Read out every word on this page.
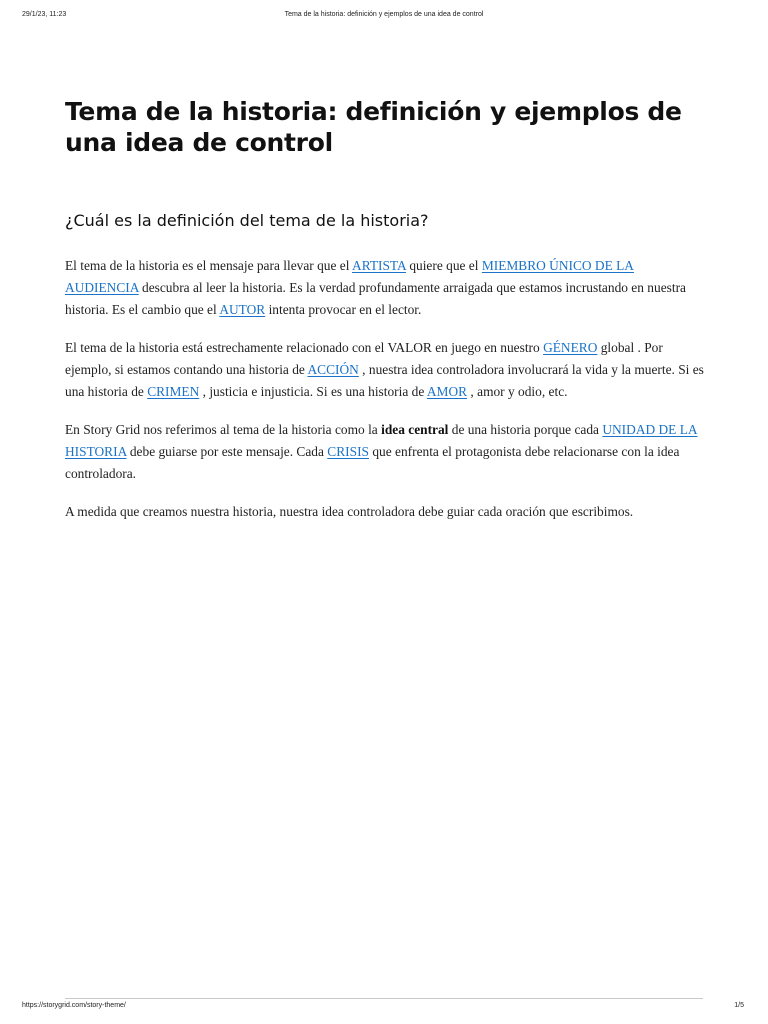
29/1/23, 11:23	Tema de la historia: definición y ejemplos de una idea de control
Tema de la historia: definición y ejemplos de una idea de control
¿Cuál es la definición del tema de la historia?

El tema de la historia es el mensaje para llevar que el ARTISTA quiere que el MIEMBRO ÚNICO DE LA AUDIENCIA descubra al leer la historia. Es la verdad profundamente arraigada que estamos incrustando en nuestra historia. Es el cambio que el AUTOR intenta provocar en el lector.

El tema de la historia está estrechamente relacionado con el VALOR en juego en nuestro GÉNERO global . Por ejemplo, si estamos contando una historia de ACCIÓN , nuestra idea controladora involucrará la vida y la muerte. Si es una historia de CRIMEN , justicia e injusticia. Si es una historia de AMOR , amor y odio, etc.

En Story Grid nos referimos al tema de la historia como la idea central de una historia porque cada UNIDAD DE LA HISTORIA debe guiarse por este mensaje. Cada CRISIS que enfrenta el protagonista debe relacionarse con la idea controladora.

A medida que creamos nuestra historia, nuestra idea controladora debe guiar cada oración que escribimos.

https://storygrid.com/story-theme/	1/5
